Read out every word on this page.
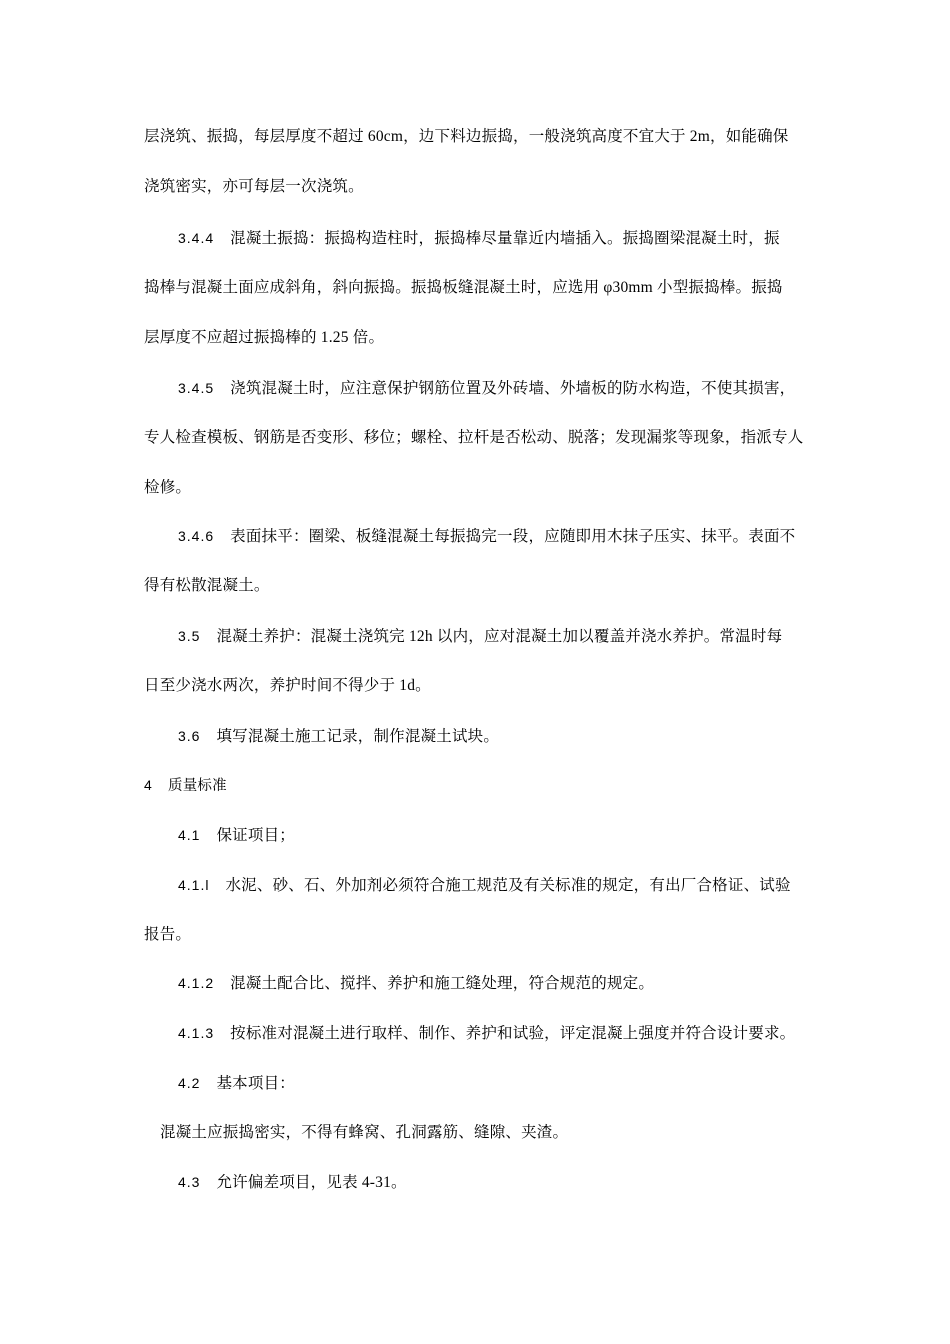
层浇筑、振捣，每层厚度不超过 60cm，边下料边振捣，一般浇筑高度不宜大于 2m，如能确保
浇筑密实，亦可每层一次浇筑。
3.4.4 混凝土振捣：振捣构造柱时，振捣棒尽量靠近内墙插入。振捣圈梁混凝土时，振
捣棒与混凝土面应成斜角，斜向振捣。振捣板缝混凝土时，应选用 φ30mm 小型振捣棒。振捣
层厚度不应超过振捣棒的 1.25 倍。
3.4.5 浇筑混凝土时，应注意保护钢筋位置及外砖墙、外墙板的防水构造，不使其损害，
专人检查模板、钢筋是否变形、移位；螺栓、拉杆是否松动、脱落；发现漏浆等现象，指派专人
检修。
3.4.6 表面抹平：圈梁、板缝混凝土每振捣完一段，应随即用木抹子压实、抹平。表面不
得有松散混凝土。
3.5 混凝土养护：混凝土浇筑完 12h 以内，应对混凝土加以覆盖并浇水养护。常温时每
日至少浇水两次，养护时间不得少于 1d。
3.6 填写混凝土施工记录，制作混凝土试块。
4 质量标准
4.1 保证项目；
4.1.l 水泥、砂、石、外加剂必须符合施工规范及有关标准的规定，有出厂合格证、试验
报告。
4.1.2 混凝土配合比、搅拌、养护和施工缝处理，符合规范的规定。
4.1.3 按标准对混凝土进行取样、制作、养护和试验，评定混凝上强度并符合设计要求。
4.2 基本项目：
混凝土应振捣密实，不得有蜂窝、孔洞露筋、缝隙、夹渣。
4.3 允许偏差项目，见表 4-31。
